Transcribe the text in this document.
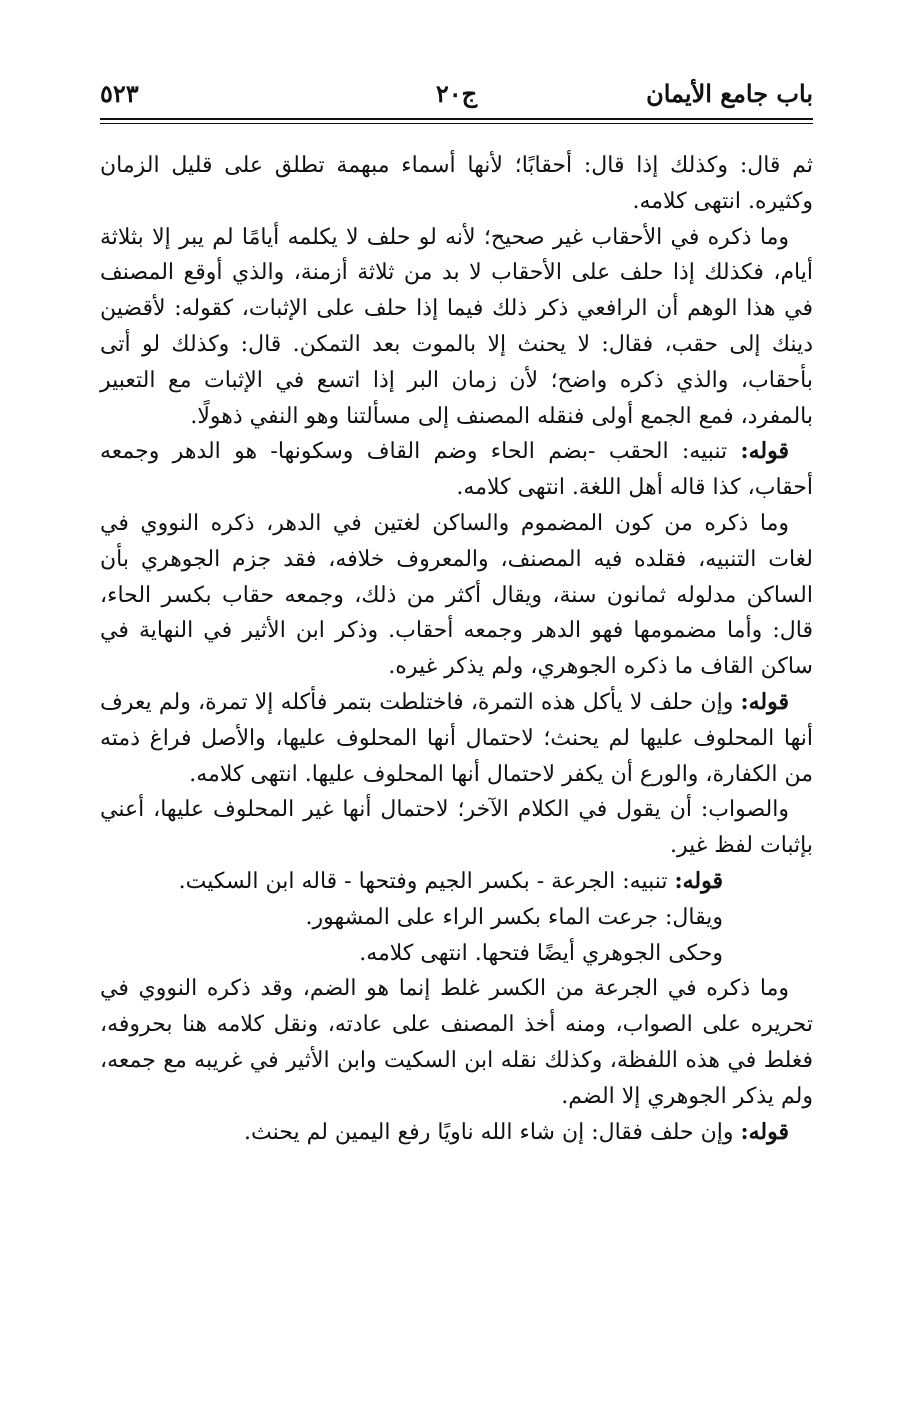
باب جامع الأيمان
ج٢٠
٥٢٣

ثم قال: وكذلك إذا قال: أحقابًا؛ لأنها أسماء مبهمة تطلق على قليل الزمان وكثيره. انتهى كلامه.

وما ذكره في الأحقاب غير صحيح؛ لأنه لو حلف لا يكلمه أيامًا لم يبر إلا بثلاثة أيام، فكذلك إذا حلف على الأحقاب لا بد من ثلاثة أزمنة، والذي أوقع المصنف في هذا الوهم أن الرافعي ذكر ذلك فيما إذا حلف على الإثبات، كقوله: لأقضين دينك إلى حقب، فقال: لا يحنث إلا بالموت بعد التمكن. قال: وكذلك لو أتى بأحقاب، والذي ذكره واضح؛ لأن زمان البر إذا اتسع في الإثبات مع التعبير بالمفرد، فمع الجمع أولى فنقله المصنف إلى مسألتنا وهو النفي ذهولًا.

قوله: تنبيه: الحقب -بضم الحاء وضم القاف وسكونها- هو الدهر وجمعه أحقاب، كذا قاله أهل اللغة. انتهى كلامه.

وما ذكره من كون المضموم والساكن لغتين في الدهر، ذكره النووي في لغات التنبيه، فقلده فيه المصنف، والمعروف خلافه، فقد جزم الجوهري بأن الساكن مدلوله ثمانون سنة، ويقال أكثر من ذلك، وجمعه حقاب بكسر الحاء، قال: وأما مضمومها فهو الدهر وجمعه أحقاب. وذكر ابن الأثير في النهاية في ساكن القاف ما ذكره الجوهري، ولم يذكر غيره.

قوله: وإن حلف لا يأكل هذه التمرة، فاختلطت بتمر فأكله إلا تمرة، ولم يعرف أنها المحلوف عليها لم يحنث؛ لاحتمال أنها المحلوف عليها، والأصل فراغ ذمته من الكفارة، والورع أن يكفر لاحتمال أنها المحلوف عليها. انتهى كلامه.

والصواب: أن يقول في الكلام الآخر؛ لاحتمال أنها غير المحلوف عليها، أعني بإثبات لفظ غير.

قوله: تنبيه: الجرعة - بكسر الجيم وفتحها - قاله ابن السكيت.

ويقال: جرعت الماء بكسر الراء على المشهور.

وحكى الجوهري أيضًا فتحها. انتهى كلامه.

وما ذكره في الجرعة من الكسر غلط إنما هو الضم، وقد ذكره النووي في تحريره على الصواب، ومنه أخذ المصنف على عادته، ونقل كلامه هنا بحروفه، فغلط في هذه اللفظة، وكذلك نقله ابن السكيت وابن الأثير في غريبه مع جمعه، ولم يذكر الجوهري إلا الضم.

قوله: وإن حلف فقال: إن شاء الله ناويًا رفع اليمين لم يحنث.
